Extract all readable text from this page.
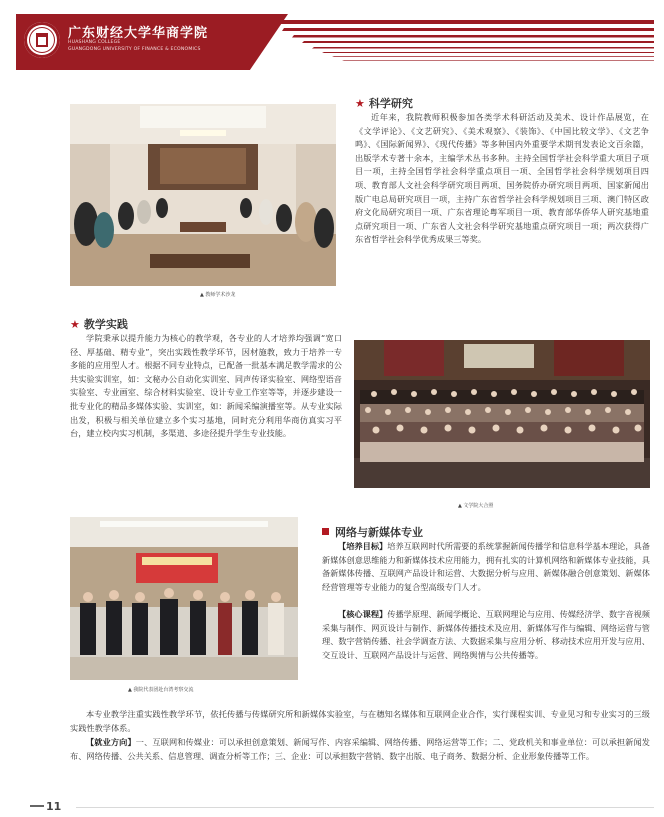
广东财经大学华商学院
HUASHANG COLLEGE
GUANGDONG UNIVERSITY OF FINANCE & ECONOMICS
▲ 教师学术沙龙
★ 科学研究
近年来，我院教师积极参加各类学术科研活动及美术、设计作品展览，在《文学评论》、《文艺研究》、《美术观察》、《装饰》、《中国比较文学》、《文艺争鸣》、《国际新闻界》、《现代传播》等多种国内外重要学术期刊发表论文百余篇，出版学术专著十余本，主编学术丛书多种。主持全国哲学社会科学重大项目子项目一项，主持全国哲学社会科学重点项目一项、全国哲学社会科学规划项目四项、教育部人文社会科学研究项目两项、国务院侨办研究项目两项、国家新闻出版广电总局研究项目一项，主持广东省哲学社会科学规划项目三项、澳门特区政府文化局研究项目一项、广东省理论粤军项目一项、教育部华侨华人研究基地重点研究项目一项、广东省人文社会科学研究基地重点研究项目一项；两次获得广东省哲学社会科学优秀成果三等奖。
★ 教学实践
学院秉承以提升能力为核心的教学观，各专业的人才培养均强调“宽口径、厚基础、精专业”，突出实践性教学环节，因材施教，致力于培养一专多能的应用型人才。根据不同专业特点，已配备一批基本满足教学需求的公共实验实训室，如：文秘办公自动化实训室、同声传译实验室、网络型语音实验室、专业画室、综合材料实验室、设计专业工作室等等，并逐步建设一批专业化的精品多媒体实验、实训室，如：新闻采编演播室等。从专业实际出发，积极与相关单位建立多个实习基地，同时充分利用华商仿真实习平台，建立校内实习机制，多渠道、多途径提升学生专业技能。
▲ 文学院大合照
▲ 我院代表团赴台湾考察交流
网络与新媒体专业
【培养目标】培养互联网时代所需要的系统掌握新闻传播学和信息科学基本理论，具备新媒体创意思维能力和新媒体技术应用能力，拥有扎实的计算机网络和新媒体专业技能，具备新媒体传播、互联网产品设计和运营、大数据分析与应用、新媒体融合创意策划、新媒体经营管理等专业能力的复合型高级专门人才。
【核心课程】传播学原理、新闻学概论、互联网理论与应用、传媒经济学、数字音视频采集与制作、网页设计与制作、新媒体传播技术及应用、新媒体写作与编辑、网络运营与管理、数字营销传播、社会学调查方法、大数据采集与应用分析、移动技术应用开发与应用、交互设计、互联网产品设计与运营、网络舆情与公共传播等。
本专业教学注重实践性教学环节，依托传播与传媒研究所和新媒体实验室，与在穗知名媒体和互联网企业合作，实行课程实训、专业见习和专业实习的三级实践性教学体系。
【就业方向】一、互联网和传媒业：可以承担创意策划、新闻写作、内容采编辑、网络传播、网络运营等工作；二、党政机关和事业单位：可以承担新闻发布、网络传播、公共关系、信息管理、调查分析等工作；三、企业：可以承担数字营销、数字出版、电子商务、数据分析、企业形象传播等工作。
11
